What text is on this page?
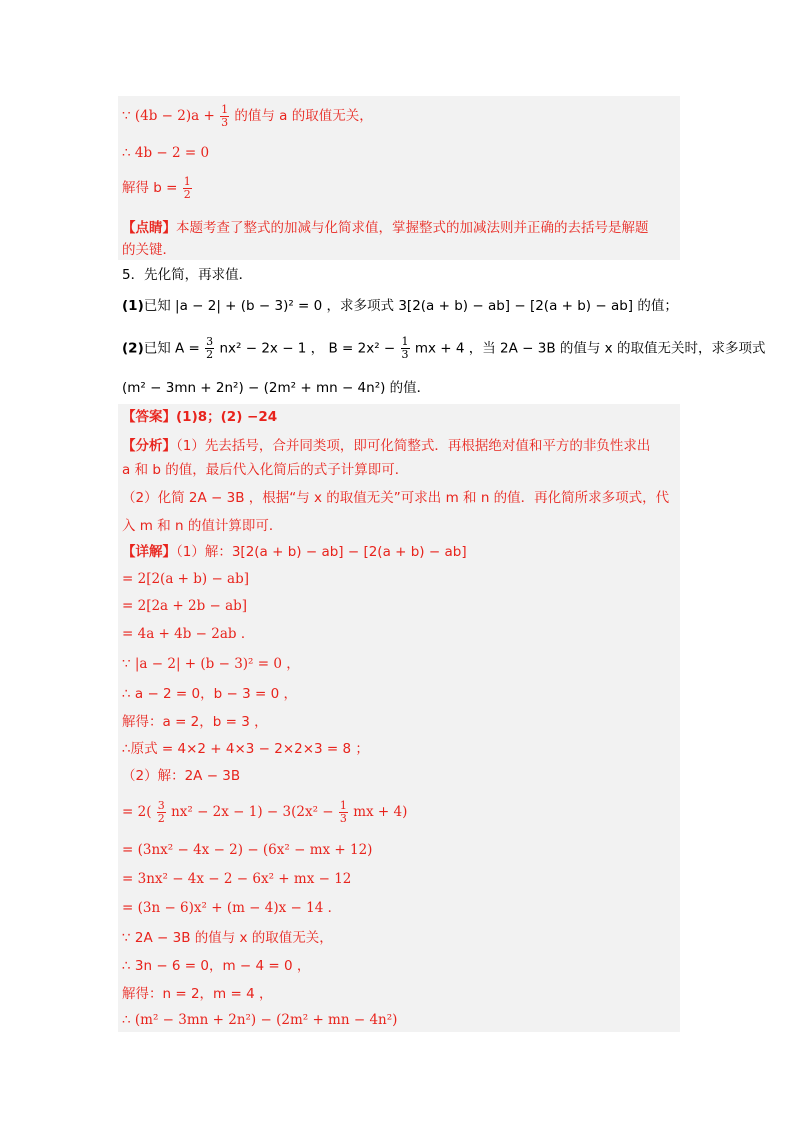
∵ $(4b - 2)a + \frac{1}{3}$ 的值与 a 的取值无关，
∴ 4b − 2 = 0
解得 $b = \frac{1}{2}$
【点睛】本题考查了整式的加减与化简求值，掌握整式的加减法则并正确的去括号是解题
的关键．
5．先化简，再求值．
(1)已知 |a − 2| + (b − 3)² = 0 ，求多项式 3[2(a + b) − ab] − [2(a + b) − ab] 的值；
(2)已知 $A = \frac{3}{2} nx^2 - 2x - 1$ ， $B = 2x^2 - \frac{1}{3}$ mx + 4 ，当 2A − 3B 的值与 x 的取值无关时，求多项式
(m² − 3mn + 2n²) − (2m² + mn − 4n²) 的值．
【答案】(1)8；(2) −24
【分析】（1）先去括号，合并同类项，即可化简整式．再根据绝对值和平方的非负性求出
a 和 b 的值，最后代入化简后的式子计算即可．
（2）化简 2A − 3B ，根据“与 x 的取值无关”可求出 m 和 n 的值．再化简所求多项式，代
入 m 和 n 的值计算即可．
【详解】（1）解：3[2(a + b) − ab] − [2(a + b) − ab]
= 2[2(a + b) − ab]
= 2[2a + 2b − ab]
= 4a + 4b − 2ab ．
∵ |a − 2| + (b − 3)² = 0 ，
∴ a − 2 = 0，b − 3 = 0 ，
解得：a = 2，b = 3 ，
∴原式 = 4×2 + 4×3 − 2×2×3 = 8 ；
（2）解：2A − 3B
= $2( \frac{3}{2} nx^2 - 2x - 1) - 3(2x^2 - \frac{1}{3}$ mx + 4)
= (3nx² − 4x − 2) − (6x² − mx + 12)
= 3nx² − 4x − 2 − 6x² + mx − 12
= (3n − 6)x² + (m − 4)x − 14 ．
∵ 2A − 3B 的值与 x 的取值无关，
∴ 3n − 6 = 0，m − 4 = 0 ，
解得：n = 2，m = 4 ，
∴ (m² − 3mn + 2n²) − (2m² + mn − 4n²)
